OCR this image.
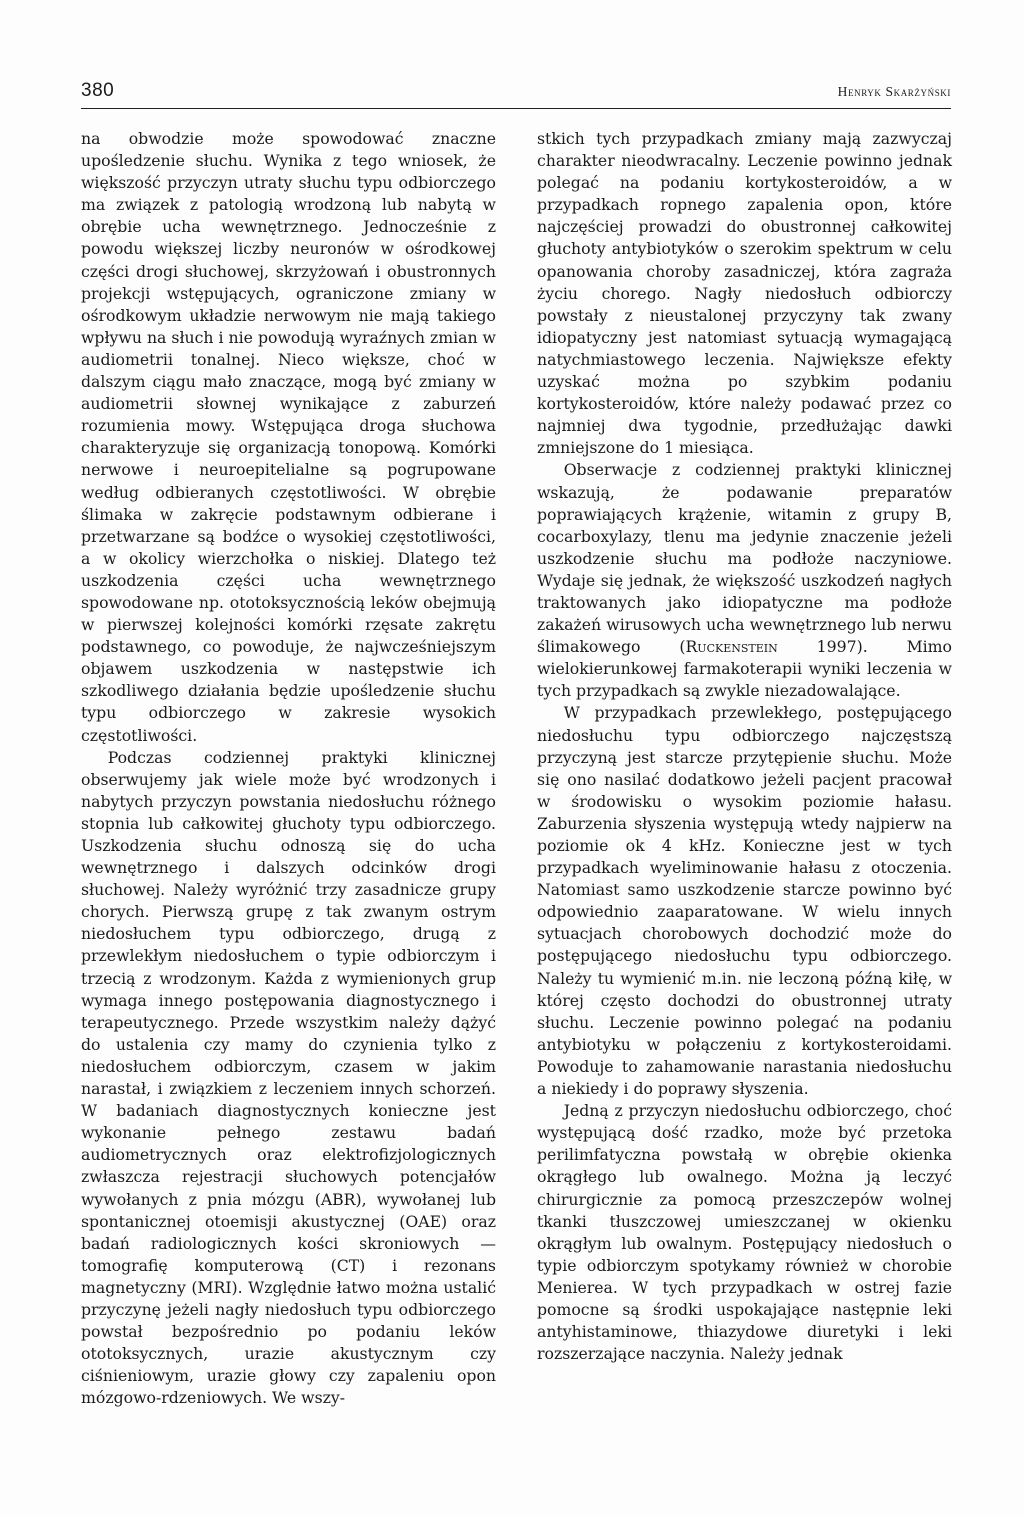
380	Henryk Skarżyński

na obwodzie może spowodować znaczne upośledzenie słuchu. Wynika z tego wniosek, że większość przyczyn utraty słuchu typu odbiorczego ma związek z patologią wrodzoną lub nabytą w obrębie ucha wewnętrznego. Jednocześnie z powodu większej liczby neuronów w ośrodkowej części drogi słuchowej, skrzyżowań i obustronnych projekcji wstępujących, ograniczone zmiany w ośrodkowym układzie nerwowym nie mają takiego wpływu na słuch i nie powodują wyraźnych zmian w audiometrii tonalnej. Nieco większe, choć w dalszym ciągu mało znaczące, mogą być zmiany w audiometrii słownej wynikające z zaburzeń rozumienia mowy. Wstępująca droga słuchowa charakteryzuje się organizacją tonopową. Komórki nerwowe i neuroepitelialne są pogrupowane według odbieranych częstotliwości. W obrębie ślimaka w zakręcie podstawnym odbierane i przetwarzane są bodźce o wysokiej częstotliwości, a w okolicy wierzchołka o niskiej. Dlatego też uszkodzenia części ucha wewnętrznego spowodowane np. ototoksycznością leków obejmują w pierwszej kolejności komórki rzęsate zakrętu podstawnego, co powoduje, że najwcześniejszym objawem uszkodzenia w następstwie ich szkodliwego działania będzie upośledzenie słuchu typu odbiorczego w zakresie wysokich częstotliwości.

Podczas codziennej praktyki klinicznej obserwujemy jak wiele może być wrodzonych i nabytych przyczyn powstania niedosłuchu różnego stopnia lub całkowitej głuchoty typu odbiorczego. Uszkodzenia słuchu odnoszą się do ucha wewnętrznego i dalszych odcinków drogi słuchowej. Należy wyróżnić trzy zasadnicze grupy chorych. Pierwszą grupę z tak zwanym ostrym niedosłuchem typu odbiorczego, drugą z przewlekłym niedosłuchem o typie odbiorczym i trzecią z wrodzonym. Każda z wymienionych grup wymaga innego postępowania diagnostycznego i terapeutycznego. Przede wszystkim należy dążyć do ustalenia czy mamy do czynienia tylko z niedosłuchem odbiorczym, czasem w jakim narastał, i związkiem z leczeniem innych schorzeń. W badaniach diagnostycznych konieczne jest wykonanie pełnego zestawu badań audiometrycznych oraz elektrofizjologicznych zwłaszcza rejestracji słuchowych potencjałów wywołanych z pnia mózgu (ABR), wywołanej lub spontanicznej otoemisji akustycznej (OAE) oraz badań radiologicznych kości skroniowych — tomografię komputerową (CT) i rezonans magnetyczny (MRI). Względnie łatwo można ustalić przyczynę jeżeli nagły niedosłuch typu odbiorczego powstał bezpośrednio po podaniu leków ototoksycznych, urazie akustycznym czy ciśnieniowym, urazie głowy czy zapaleniu opon mózgowo-rdzeniowych. We wszy-

stkich tych przypadkach zmiany mają zazwyczaj charakter nieodwracalny. Leczenie powinno jednak polegać na podaniu kortykosteroidów, a w przypadkach ropnego zapalenia opon, które najczęściej prowadzi do obustronnej całkowitej głuchoty antybiotyków o szerokim spektrum w celu opanowania choroby zasadniczej, która zagraża życiu chorego. Nagły niedosłuch odbiorczy powstały z nieustalonej przyczyny tak zwany idiopatyczny jest natomiast sytuacją wymagającą natychmiastowego leczenia. Największe efekty uzyskać można po szybkim podaniu kortykosteroidów, które należy podawać przez co najmniej dwa tygodnie, przedłużając dawki zmniejszone do 1 miesiąca.

Obserwacje z codziennej praktyki klinicznej wskazują, że podawanie preparatów poprawiających krążenie, witamin z grupy B, cocarboxylazy, tlenu ma jedynie znaczenie jeżeli uszkodzenie słuchu ma podłoże naczyniowe. Wydaje się jednak, że większość uszkodzeń nagłych traktowanych jako idiopatyczne ma podłoże zakażeń wirusowych ucha wewnętrznego lub nerwu ślimakowego (Ruckenstein 1997). Mimo wielokierunkowej farmakoterapii wyniki leczenia w tych przypadkach są zwykle niezadowalające.

W przypadkach przewlekłego, postępującego niedosłuchu typu odbiorczego najczęstszą przyczyną jest starcze przytępienie słuchu. Może się ono nasilać dodatkowo jeżeli pacjent pracował w środowisku o wysokim poziomie hałasu. Zaburzenia słyszenia występują wtedy najpierw na poziomie ok 4 kHz. Konieczne jest w tych przypadkach wyeliminowanie hałasu z otoczenia. Natomiast samo uszkodzenie starcze powinno być odpowiednio zaaparatowane. W wielu innych sytuacjach chorobowych dochodzić może do postępującego niedosłuchu typu odbiorczego. Należy tu wymienić m.in. nie leczoną późną kiłę, w której często dochodzi do obustronnej utraty słuchu. Leczenie powinno polegać na podaniu antybiotyku w połączeniu z kortykosteroidami. Powoduje to zahamowanie narastania niedosłuchu a niekiedy i do poprawy słyszenia.

Jedną z przyczyn niedosłuchu odbiorczego, choć występującą dość rzadko, może być przetoka perilimfatyczna powstałą w obrębie okienka okrągłego lub owalnego. Można ją leczyć chirurgicznie za pomocą przeszczepów wolnej tkanki tłuszczowej umieszczanej w okienku okrągłym lub owalnym. Postępujący niedosłuch o typie odbiorczym spotykamy również w chorobie Menierea. W tych przypadkach w ostrej fazie pomocne są środki uspokajające następnie leki antyhistaminowe, thiazydowe diuretyki i leki rozszerzające naczynia. Należy jednak
